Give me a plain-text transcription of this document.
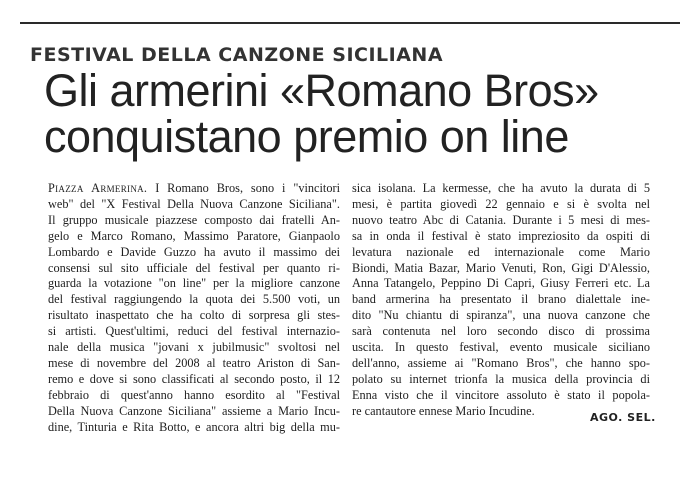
FESTIVAL DELLA CANZONE SICILIANA
Gli armerini «Romano Bros»
conquistano premio on line
Piazza Armerina. I Romano Bros, sono i "vincitori
web" del "X Festival Della Nuova Canzone Siciliana".
Il gruppo musicale piazzese composto dai fratelli An-
gelo e Marco Romano, Massimo Paratore, Gianpaolo
Lombardo e Davide Guzzo ha avuto il massimo dei
consensi sul sito ufficiale del festival per quanto ri-
guarda la votazione "on line" per la migliore canzone
del festival raggiungendo la quota dei 5.500 voti, un
risultato inaspettato che ha colto di sorpresa gli stes-
si artisti. Quest'ultimi, reduci del festival internazio-
nale della musica "jovani x jubilmusic" svoltosi nel
mese di novembre del 2008 al teatro Ariston di San-
remo e dove si sono classificati al secondo posto, il 12
febbraio di quest'anno hanno esordito al "Festival
Della Nuova Canzone Siciliana" assieme a Mario Incu-
dine, Tinturia e Rita Botto, e ancora altri big della mu-
sica isolana. La kermesse, che ha avuto la durata di 5
mesi, è partita giovedì 22 gennaio e si è svolta nel
nuovo teatro Abc di Catania. Durante i 5 mesi di mes-
sa in onda il festival è stato impreziosito da ospiti di
levatura nazionale ed internazionale come Mario
Biondi, Matia Bazar, Mario Venuti, Ron, Gigi D'Alessio,
Anna Tatangelo, Peppino Di Capri, Giusy Ferreri etc. La
band armerina ha presentato il brano dialettale ine-
dito "Nu chiantu di spiranza", una nuova canzone che
sarà contenuta nel loro secondo disco di prossima
uscita. In questo festival, evento musicale siciliano
dell'anno, assieme ai "Romano Bros", che hanno spo-
polato su internet trionfa la musica della provincia di
Enna visto che il vincitore assoluto è stato il popola-
re cantautore ennese Mario Incudine.	AGO. SEL.
